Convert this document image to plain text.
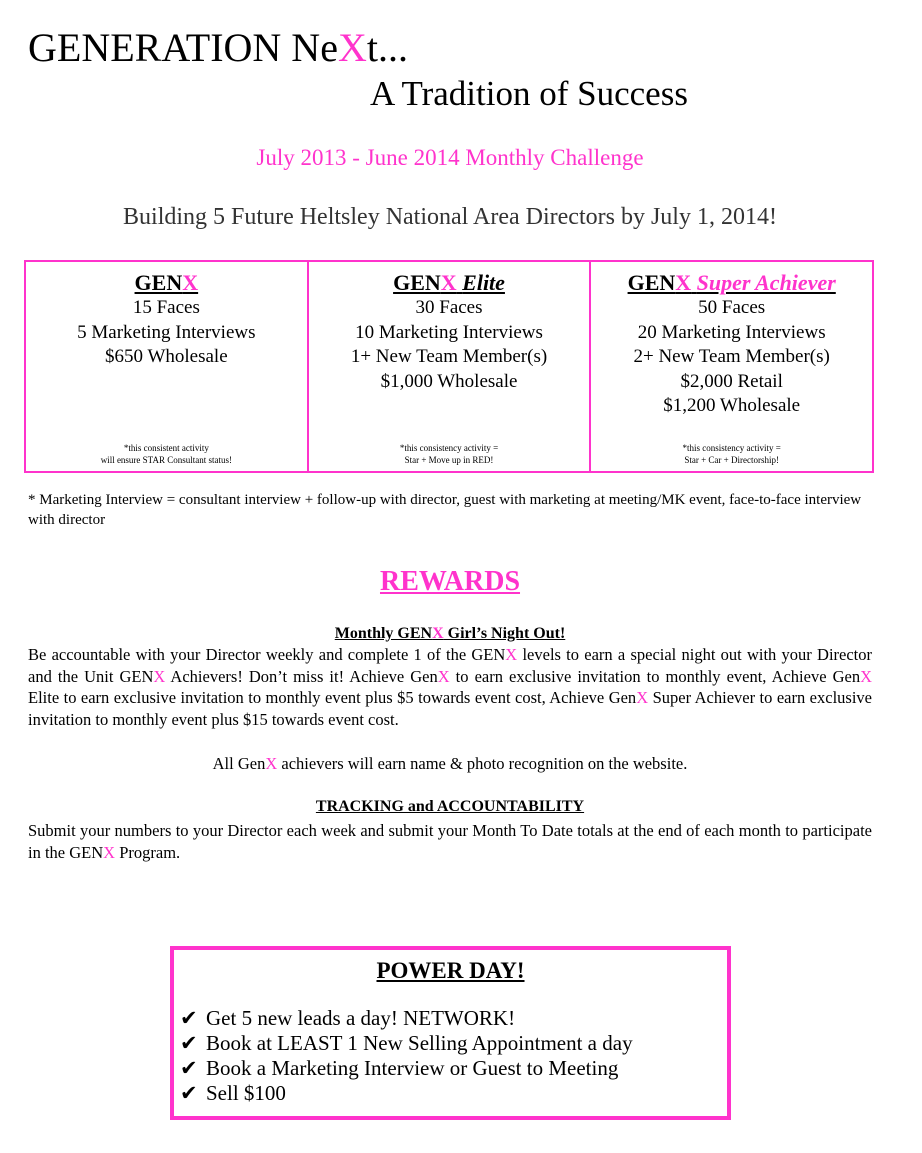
GENERATION NeXt...
A Tradition of Success
July 2013 - June 2014 Monthly Challenge
Building 5 Future Heltsley National Area Directors by July 1, 2014!
GENX
15 Faces
5 Marketing Interviews
$650 Wholesale
*this consistent activity
will ensure STAR Consultant status!
GENX Elite
30 Faces
10 Marketing Interviews
1+ New Team Member(s)
$1,000 Wholesale
*this consistency activity =
Star + Move up in RED!
GENX Super Achiever
50 Faces
20 Marketing Interviews
2+ New Team Member(s)
$2,000 Retail
$1,200 Wholesale
*this consistency activity =
Star + Car + Directorship!
* Marketing Interview = consultant interview + follow-up with director, guest with marketing at meeting/MK event, face-to-face interview with director
REWARDS
Monthly GENX Girl’s Night Out!
Be accountable with your Director weekly and complete 1 of the GENX levels to earn a special night out with your Director and the Unit GENX Achievers! Don’t miss it! Achieve GenX to earn exclusive invitation to monthly event, Achieve GenX Elite to earn exclusive invitation to monthly event plus $5 towards event cost, Achieve GenX Super Achiever to earn exclusive invitation to monthly event plus $15 towards event cost.
All GenX achievers will earn name & photo recognition on the website.
TRACKING and ACCOUNTABILITY
Submit your numbers to your Director each week and submit your Month To Date totals at the end of each month to participate in the GENX Program.
POWER DAY!
✔ Get 5 new leads a day! NETWORK!
✔ Book at LEAST 1 New Selling Appointment a day
✔ Book a Marketing Interview or Guest to Meeting
✔ Sell $100
